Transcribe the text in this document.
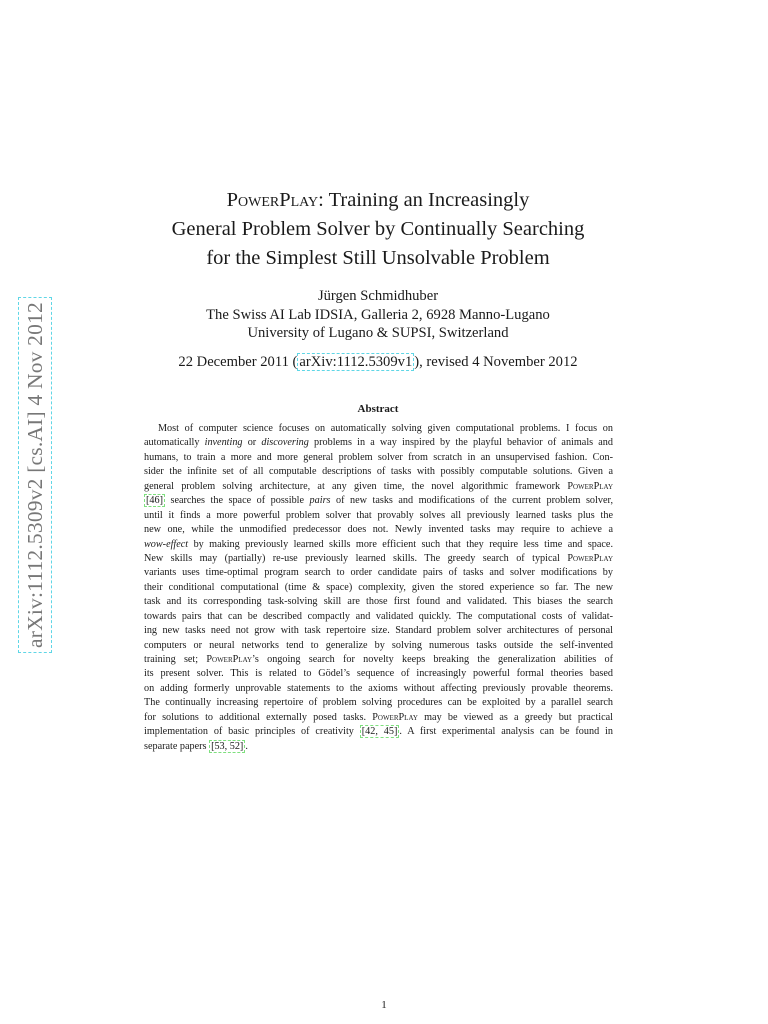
arXiv:1112.5309v2 [cs.AI] 4 Nov 2012
PowerPlay: Training an Increasingly
General Problem Solver by Continually Searching
for the Simplest Still Unsolvable Problem
Jürgen Schmidhuber
The Swiss AI Lab IDSIA, Galleria 2, 6928 Manno-Lugano
University of Lugano & SUPSI, Switzerland
22 December 2011 ( arXiv:1112.5309v1 ), revised 4 November 2012
Abstract
Most of computer science focuses on automatically solving given computational problems. I focus on
automatically inventing or discovering problems in a way inspired by the playful behavior of animals and
humans, to train a more and more general problem solver from scratch in an unsupervised fashion. Con-
sider the infinite set of all computable descriptions of tasks with possibly computable solutions. Given a
general problem solving architecture, at any given time, the novel algorithmic framework PowerPlay
[46] searches the space of possible pairs of new tasks and modifications of the current problem solver,
until it finds a more powerful problem solver that provably solves all previously learned tasks plus the
new one, while the unmodified predecessor does not. Newly invented tasks may require to achieve a
wow-effect by making previously learned skills more efficient such that they require less time and space.
New skills may (partially) re-use previously learned skills. The greedy search of typical PowerPlay
variants uses time-optimal program search to order candidate pairs of tasks and solver modifications by
their conditional computational (time & space) complexity, given the stored experience so far. The new
task and its corresponding task-solving skill are those first found and validated. This biases the search
towards pairs that can be described compactly and validated quickly. The computational costs of validat-
ing new tasks need not grow with task repertoire size. Standard problem solver architectures of personal
computers or neural networks tend to generalize by solving numerous tasks outside the self-invented
training set; PowerPlay’s ongoing search for novelty keeps breaking the generalization abilities of
its present solver. This is related to Gödel’s sequence of increasingly powerful formal theories based
on adding formerly unprovable statements to the axioms without affecting previously provable theorems.
The continually increasing repertoire of problem solving procedures can be exploited by a parallel search
for solutions to additional externally posed tasks. PowerPlay may be viewed as a greedy but practical
implementation of basic principles of creativity [42, 45] . A first experimental analysis can be found in
separate papers [53, 52] .
1
